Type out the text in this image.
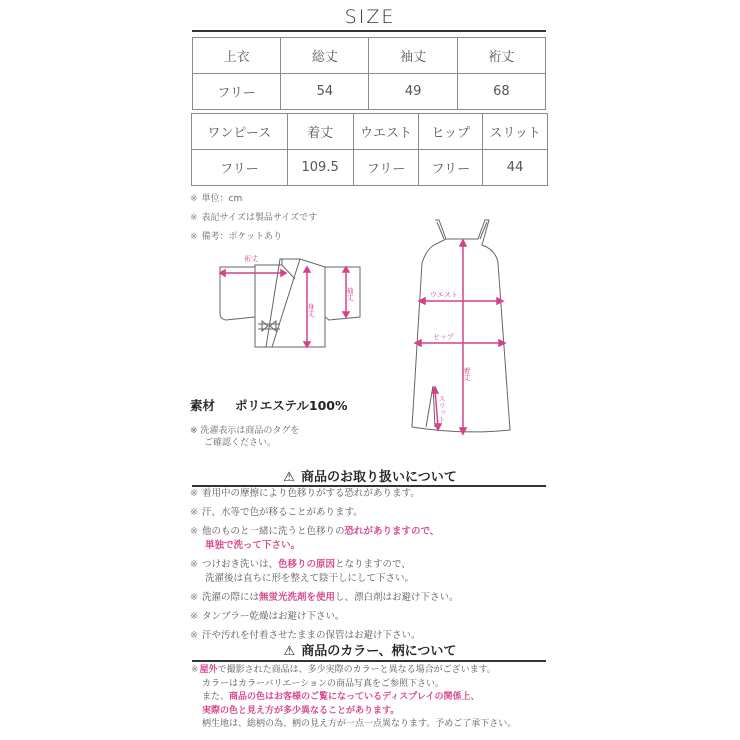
SIZE
上衣	総丈	袖丈	裄丈
フリー	54	49	68
ワンピース	着丈	ウエスト	ヒップ	スリット
フリー	109.5	フリー	フリー	44
※ 単位：cm
※ 表記サイズは製品サイズです
※ 備考：ポケットあり
裄丈
身丈
袖丈	ウエスト
ヒップ
着丈
スリット
素材 ポリエステル100%
※ 洗濯表示は商品のタグを
ご確認ください。
⚠ 商品のお取り扱いについて
※ 着用中の摩擦により色移りがする恐れがあります。
※ 汗、水等で色が移ることがあります。
※ 他のものと一緒に洗うと色移りの恐れがありますので、
単独で洗って下さい。
※ つけおき洗いは、色移りの原因となりますので、
洗濯後は直ちに形を整えて陰干しにして下さい。
※ 洗濯の際には無蛍光洗剤を使用し、漂白剤はお避け下さい。
※ タンブラー乾燥はお避け下さい。
※ 汗や汚れを付着させたままの保管はお避け下さい。
⚠ 商品のカラー、柄について
※屋外で撮影された商品は、多少実際のカラーと異なる場合がございます。
カラーはカラーバリエーションの商品写真をご参照下さい。
また、商品の色はお客様のご覧になっているディスプレイの関係上、
実際の色と見え方が多少異なることがあります。
柄生地は、総柄の為、柄の見え方が一点一点異なります。予めご了承下さい。
